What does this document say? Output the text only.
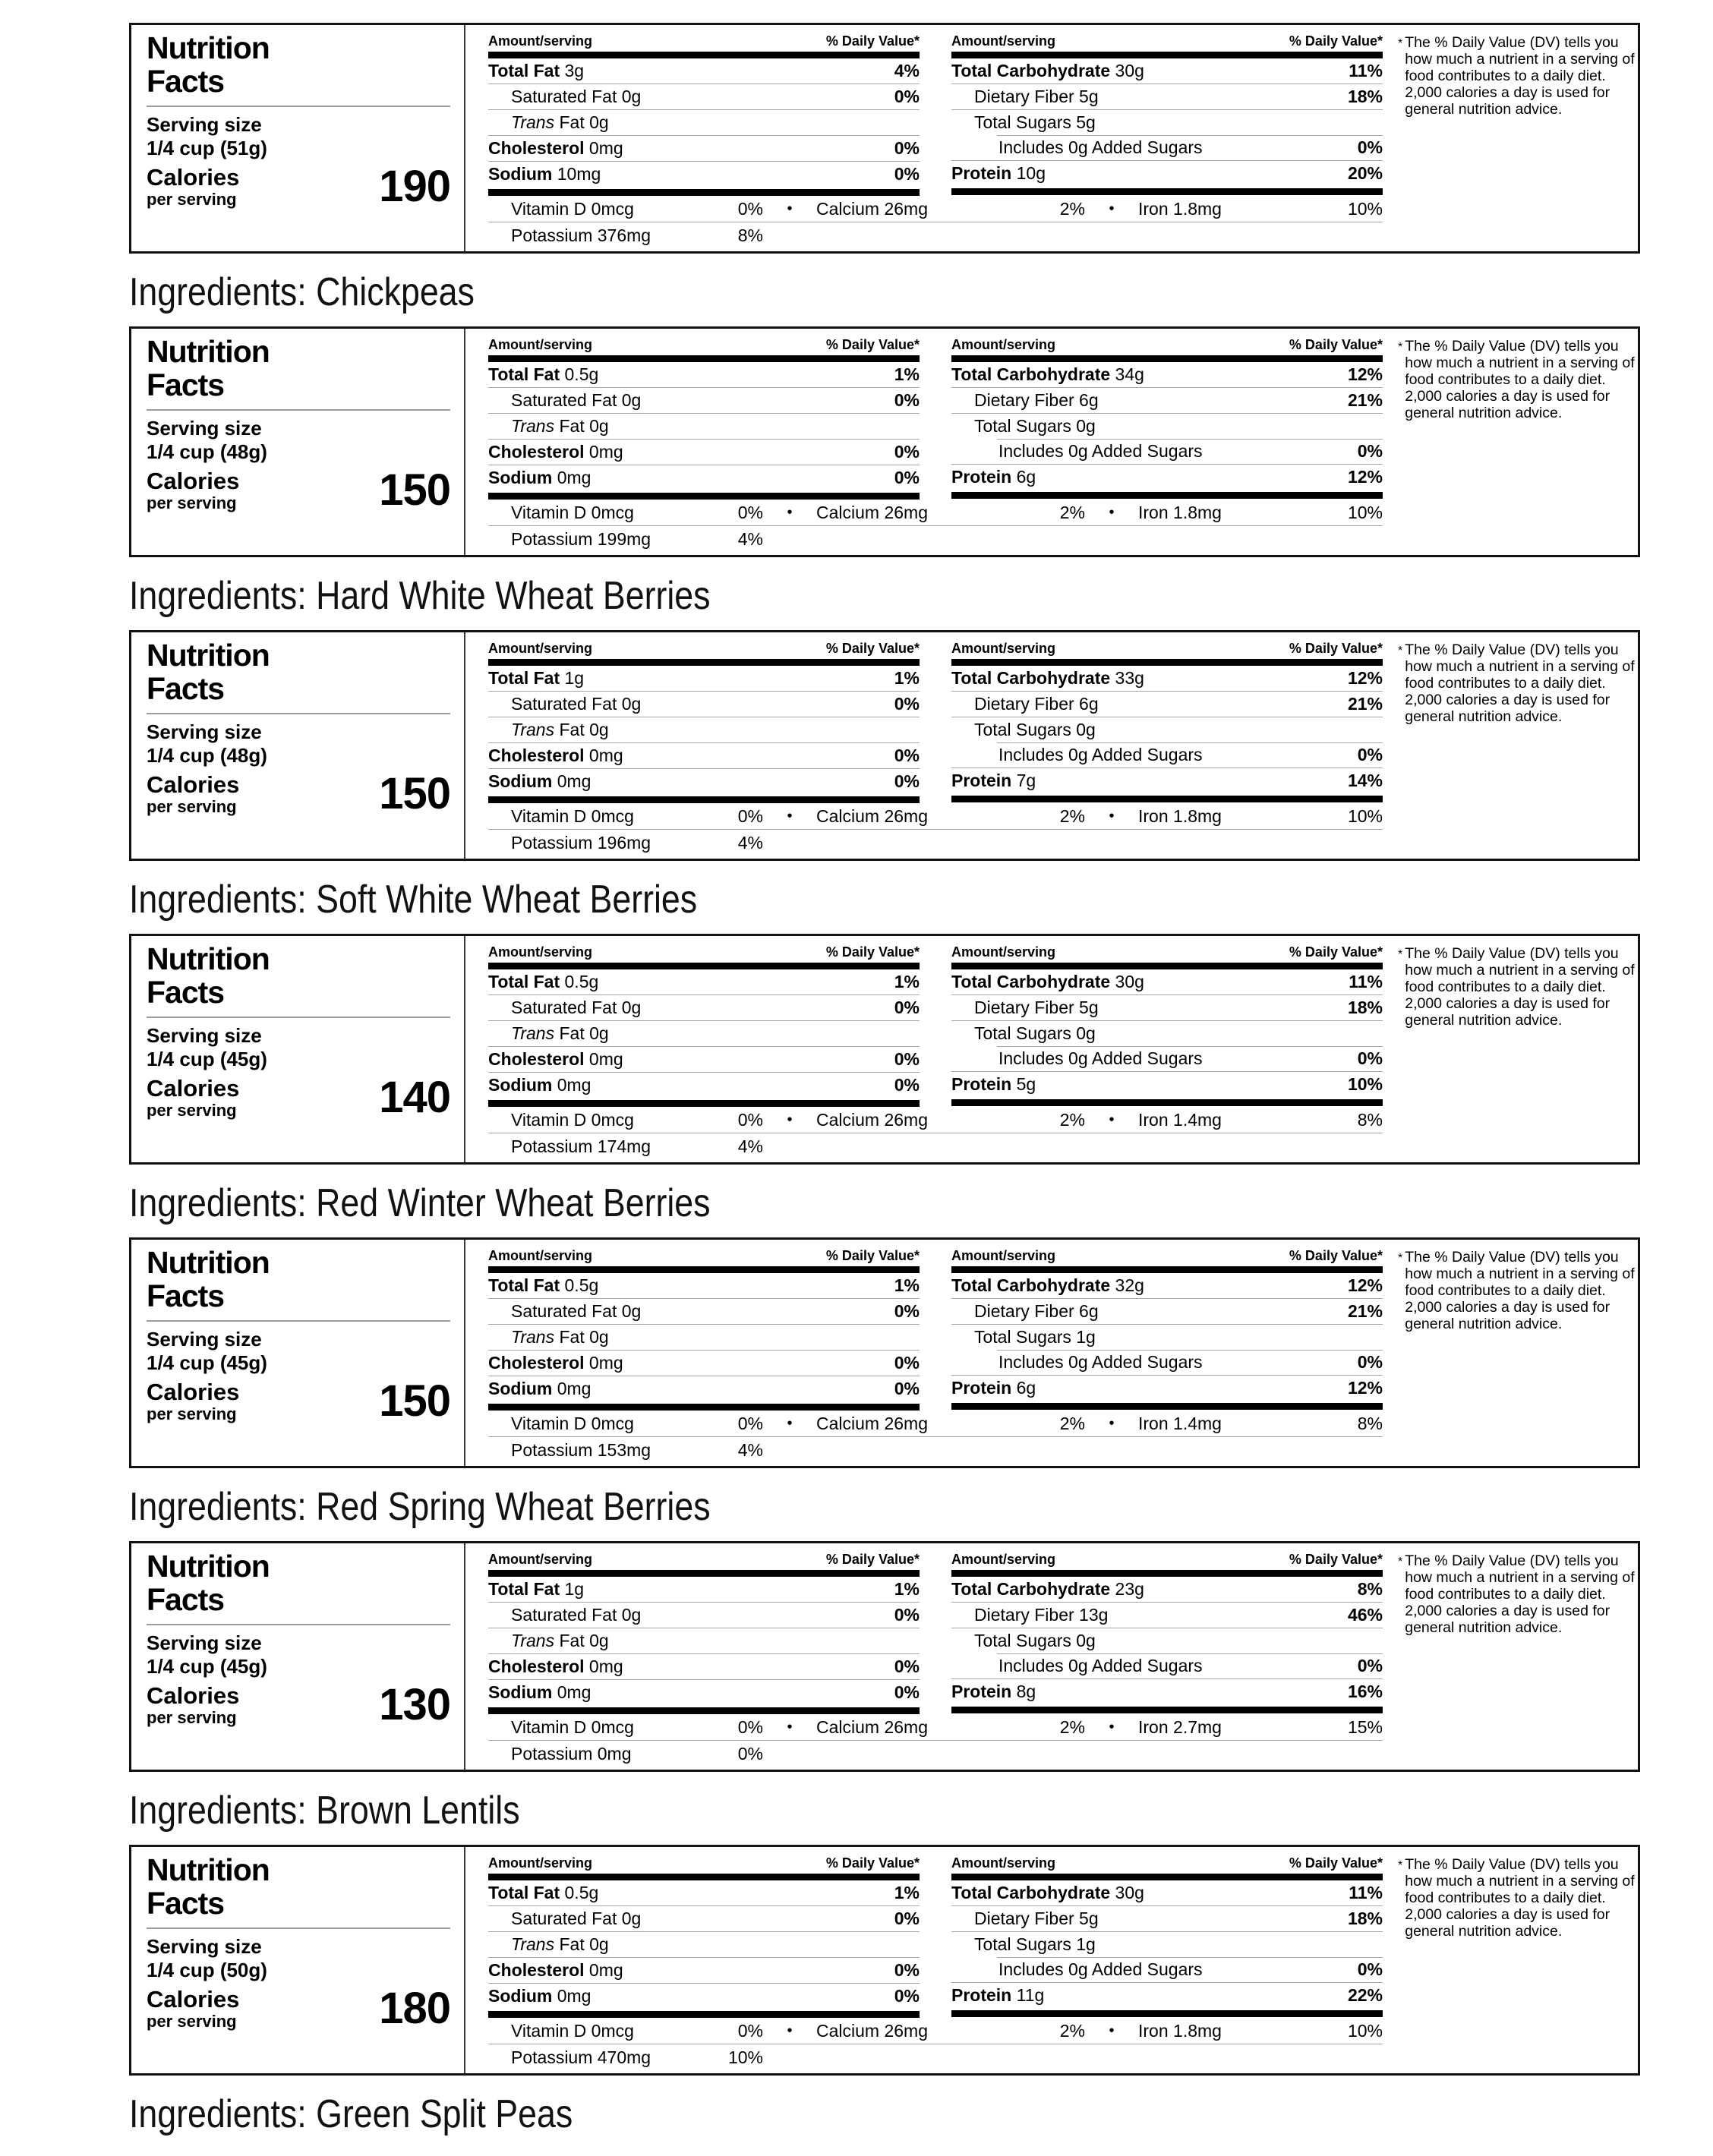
Nutrition
Facts
Serving size
1/4 cup (51g)
Calories
per serving	190
Amount/serving	% Daily Value*
Total Fat 3g	4%
Saturated Fat 0g	0%
Trans Fat 0g
Cholesterol 0mg	0%
Sodium 10mg	0%
Amount/serving	% Daily Value*
Total Carbohydrate 30g	11%
Dietary Fiber 5g	18%
Total Sugars 5g
Includes 0g Added Sugars	0%
Protein 10g	20%
Vitamin D 0mcg	0%	•	Calcium 26mg	2%	•	Iron 1.8mg	10%
Potassium 376mg	8%
* The % Daily Value (DV) tells you how much a nutrient in a serving of food contributes to a daily diet. 2,000 calories a day is used for general nutrition advice.
Ingredients: Chickpeas
Nutrition
Facts
Serving size
1/4 cup (48g)
Calories
per serving	150
Amount/serving	% Daily Value*
Total Fat 0.5g	1%
Saturated Fat 0g	0%
Trans Fat 0g
Cholesterol 0mg	0%
Sodium 0mg	0%
Amount/serving	% Daily Value*
Total Carbohydrate 34g	12%
Dietary Fiber 6g	21%
Total Sugars 0g
Includes 0g Added Sugars	0%
Protein 6g	12%
Vitamin D 0mcg	0%	•	Calcium 26mg	2%	•	Iron 1.8mg	10%
Potassium 199mg	4%
* The % Daily Value (DV) tells you how much a nutrient in a serving of food contributes to a daily diet. 2,000 calories a day is used for general nutrition advice.
Ingredients: Hard White Wheat Berries
Nutrition
Facts
Serving size
1/4 cup (48g)
Calories
per serving	150
Amount/serving	% Daily Value*
Total Fat 1g	1%
Saturated Fat 0g	0%
Trans Fat 0g
Cholesterol 0mg	0%
Sodium 0mg	0%
Amount/serving	% Daily Value*
Total Carbohydrate 33g	12%
Dietary Fiber 6g	21%
Total Sugars 0g
Includes 0g Added Sugars	0%
Protein 7g	14%
Vitamin D 0mcg	0%	•	Calcium 26mg	2%	•	Iron 1.8mg	10%
Potassium 196mg	4%
* The % Daily Value (DV) tells you how much a nutrient in a serving of food contributes to a daily diet. 2,000 calories a day is used for general nutrition advice.
Ingredients: Soft White Wheat Berries
Nutrition
Facts
Serving size
1/4 cup (45g)
Calories
per serving	140
Amount/serving	% Daily Value*
Total Fat 0.5g	1%
Saturated Fat 0g	0%
Trans Fat 0g
Cholesterol 0mg	0%
Sodium 0mg	0%
Amount/serving	% Daily Value*
Total Carbohydrate 30g	11%
Dietary Fiber 5g	18%
Total Sugars 0g
Includes 0g Added Sugars	0%
Protein 5g	10%
Vitamin D 0mcg	0%	•	Calcium 26mg	2%	•	Iron 1.4mg	8%
Potassium 174mg	4%
* The % Daily Value (DV) tells you how much a nutrient in a serving of food contributes to a daily diet. 2,000 calories a day is used for general nutrition advice.
Ingredients: Red Winter Wheat Berries
Nutrition
Facts
Serving size
1/4 cup (45g)
Calories
per serving	150
Amount/serving	% Daily Value*
Total Fat 0.5g	1%
Saturated Fat 0g	0%
Trans Fat 0g
Cholesterol 0mg	0%
Sodium 0mg	0%
Amount/serving	% Daily Value*
Total Carbohydrate 32g	12%
Dietary Fiber 6g	21%
Total Sugars 1g
Includes 0g Added Sugars	0%
Protein 6g	12%
Vitamin D 0mcg	0%	•	Calcium 26mg	2%	•	Iron 1.4mg	8%
Potassium 153mg	4%
* The % Daily Value (DV) tells you how much a nutrient in a serving of food contributes to a daily diet. 2,000 calories a day is used for general nutrition advice.
Ingredients: Red Spring Wheat Berries
Nutrition
Facts
Serving size
1/4 cup (45g)
Calories
per serving	130
Amount/serving	% Daily Value*
Total Fat 1g	1%
Saturated Fat 0g	0%
Trans Fat 0g
Cholesterol 0mg	0%
Sodium 0mg	0%
Amount/serving	% Daily Value*
Total Carbohydrate 23g	8%
Dietary Fiber 13g	46%
Total Sugars 0g
Includes 0g Added Sugars	0%
Protein 8g	16%
Vitamin D 0mcg	0%	•	Calcium 26mg	2%	•	Iron 2.7mg	15%
Potassium 0mg	0%
* The % Daily Value (DV) tells you how much a nutrient in a serving of food contributes to a daily diet. 2,000 calories a day is used for general nutrition advice.
Ingredients: Brown Lentils
Nutrition
Facts
Serving size
1/4 cup (50g)
Calories
per serving	180
Amount/serving	% Daily Value*
Total Fat 0.5g	1%
Saturated Fat 0g	0%
Trans Fat 0g
Cholesterol 0mg	0%
Sodium 0mg	0%
Amount/serving	% Daily Value*
Total Carbohydrate 30g	11%
Dietary Fiber 5g	18%
Total Sugars 1g
Includes 0g Added Sugars	0%
Protein 11g	22%
Vitamin D 0mcg	0%	•	Calcium 26mg	2%	•	Iron 1.8mg	10%
Potassium 470mg	10%
* The % Daily Value (DV) tells you how much a nutrient in a serving of food contributes to a daily diet. 2,000 calories a day is used for general nutrition advice.
Ingredients: Green Split Peas
